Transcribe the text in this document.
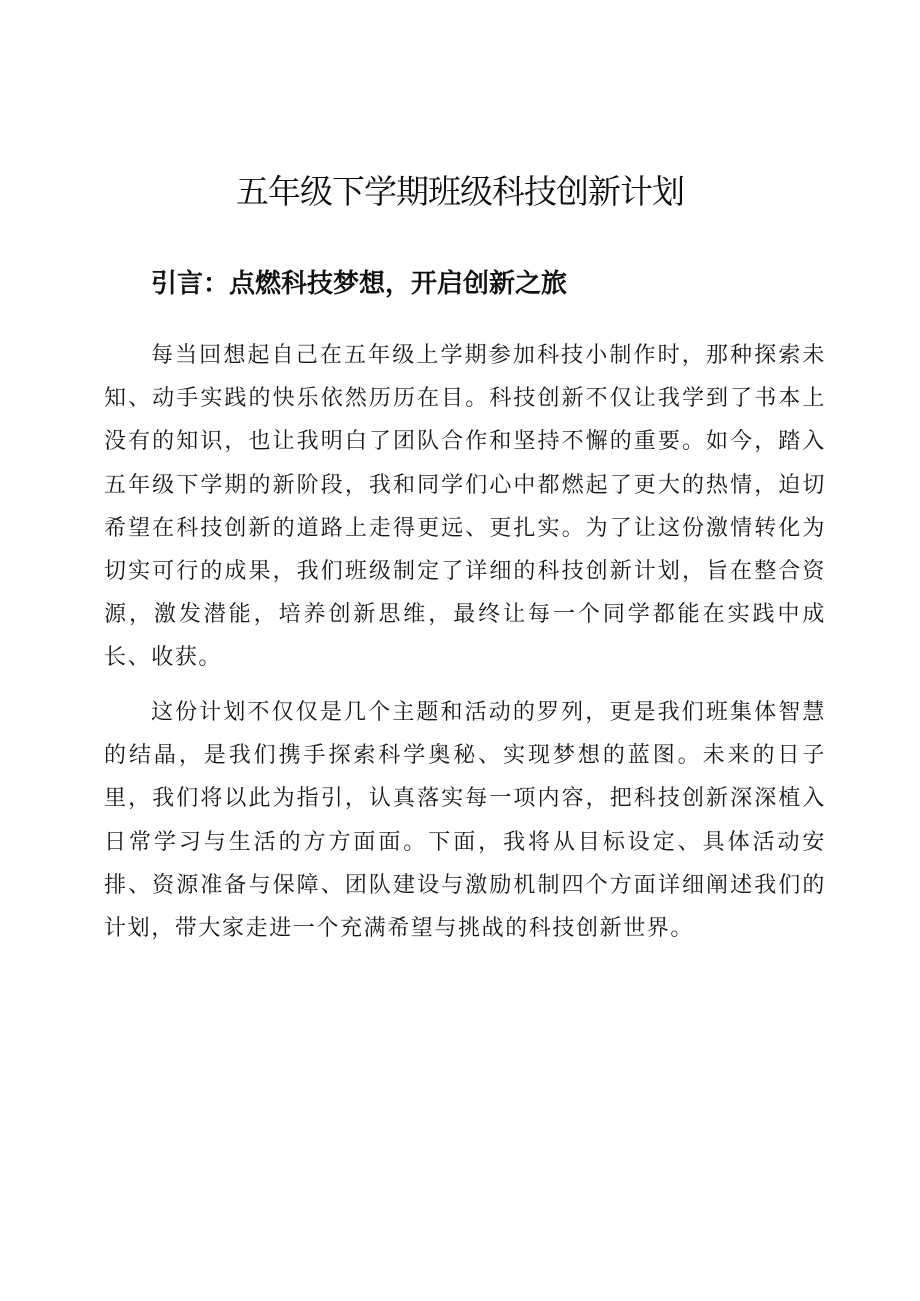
五年级下学期班级科技创新计划
引言：点燃科技梦想，开启创新之旅

每当回想起自己在五年级上学期参加科技小制作时，那种探索未知、动手实践的快乐依然历历在目。科技创新不仅让我学到了书本上没有的知识，也让我明白了团队合作和坚持不懈的重要。如今，踏入五年级下学期的新阶段，我和同学们心中都燃起了更大的热情，迫切希望在科技创新的道路上走得更远、更扎实。为了让这份激情转化为切实可行的成果，我们班级制定了详细的科技创新计划，旨在整合资源，激发潜能，培养创新思维，最终让每一个同学都能在实践中成长、收获。

这份计划不仅仅是几个主题和活动的罗列，更是我们班集体智慧的结晶，是我们携手探索科学奥秘、实现梦想的蓝图。未来的日子里，我们将以此为指引，认真落实每一项内容，把科技创新深深植入日常学习与生活的方方面面。下面，我将从目标设定、具体活动安排、资源准备与保障、团队建设与激励机制四个方面详细阐述我们的计划，带大家走进一个充满希望与挑战的科技创新世界。
